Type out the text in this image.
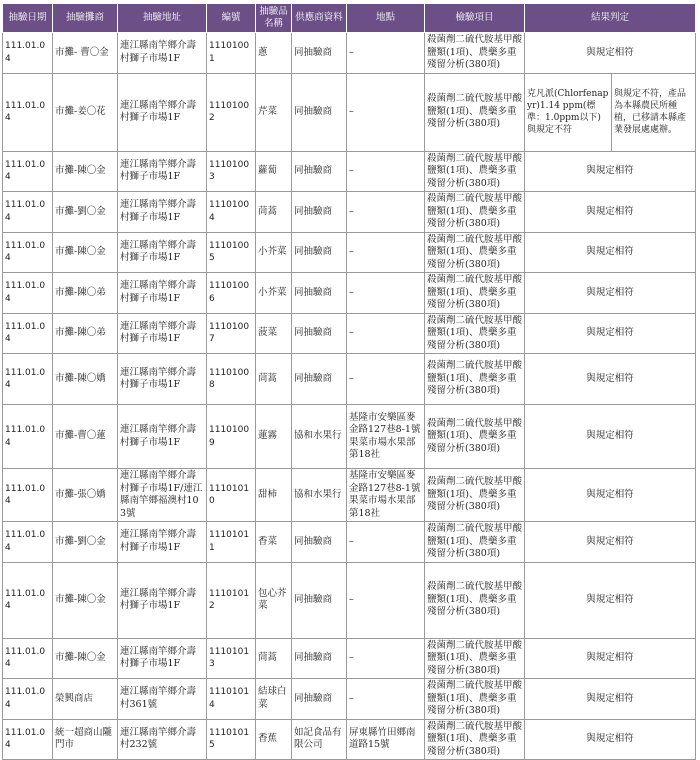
抽驗日期	抽驗攤商	抽驗地址	編號	抽驗品名稱	供應商資料	地點	檢驗項目	結果判定	
111.01.04	市攤- 曹〇金	連江縣南竿鄉介壽村獅子市場1F	11101001	蔥	同抽驗商	–	殺菌劑二硫代胺基甲酸鹽類(1項)、農藥多重殘留分析(380項)	與規定相符	
111.01.04	市攤-姜〇花	連江縣南竿鄉介壽村獅子市場1F	11101002	芹菜	同抽驗商	–	殺菌劑二硫代胺基甲酸鹽類(1項)、農藥多重殘留分析(380項)	克凡派(Chlorfenapyr)1.14 ppm(標準：1.0ppm以下)與規定不符	與規定不符，產品為本縣農民所種植，已移請本縣產業發展處處辦。
111.01.04	市攤-陳〇金	連江縣南竿鄉介壽村獅子市場1F	11101003	蘿蔔	同抽驗商	–	殺菌劑二硫代胺基甲酸鹽類(1項)、農藥多重殘留分析(380項)	與規定相符	
111.01.04	市攤-劉〇金	連江縣南竿鄉介壽村獅子市場1F	11101004	茼蒿	同抽驗商	–	殺菌劑二硫代胺基甲酸鹽類(1項)、農藥多重殘留分析(380項)	與規定相符	
111.01.04	市攤-陳〇金	連江縣南竿鄉介壽村獅子市場1F	11101005	小芥菜	同抽驗商	–	殺菌劑二硫代胺基甲酸鹽類(1項)、農藥多重殘留分析(380項)	與規定相符	
111.01.04	市攤-陳〇弟	連江縣南竿鄉介壽村獅子市場1F	11101006	小芥菜	同抽驗商	–	殺菌劑二硫代胺基甲酸鹽類(1項)、農藥多重殘留分析(380項)	與規定相符	
111.01.04	市攤-陳〇弟	連江縣南竿鄉介壽村獅子市場1F	11101007	菠菜	同抽驗商	–	殺菌劑二硫代胺基甲酸鹽類(1項)、農藥多重殘留分析(380項)	與規定相符	
111.01.04	市攤-陳〇嬌	連江縣南竿鄉介壽村獅子市場1F	11101008	茼蒿	同抽驗商	–	殺菌劑二硫代胺基甲酸鹽類(1項)、農藥多重殘留分析(380項)	與規定相符	
111.01.04	市攤-曹〇蓮	連江縣南竿鄉介壽村獅子市場1F	11101009	蓮霧	協和水果行	基隆市安樂區麥金路127巷8-1號果菜市場水果部第18社	殺菌劑二硫代胺基甲酸鹽類(1項)、農藥多重殘留分析(380項)	與規定相符	
111.01.04	市攤-張〇嬌	連江縣南竿鄉介壽村獅子市場1F/連江縣南竿鄉福澳村103號	11101010	甜柿	協和水果行	基隆市安樂區麥金路127巷8-1號果菜市場水果部第18社	殺菌劑二硫代胺基甲酸鹽類(1項)、農藥多重殘留分析(380項)	與規定相符	
111.01.04	市攤-劉〇金	連江縣南竿鄉介壽村獅子市場1F	11101011	香菜	同抽驗商	–	殺菌劑二硫代胺基甲酸鹽類(1項)、農藥多重殘留分析(380項)	與規定相符	
111.01.04	市攤-陳〇金	連江縣南竿鄉介壽村獅子市場1F	11101012	包心芥菜	同抽驗商	–	殺菌劑二硫代胺基甲酸鹽類(1項)、農藥多重殘留分析(380項)	與規定相符	
111.01.04	市攤-陳〇金	連江縣南竿鄉介壽村獅子市場1F	11101013	茼蒿	同抽驗商	–	殺菌劑二硫代胺基甲酸鹽類(1項)、農藥多重殘留分析(380項)	與規定相符	
111.01.04	榮興商店	連江縣南竿鄉介壽村361號	11101014	結球白菜	同抽驗商	–	殺菌劑二硫代胺基甲酸鹽類(1項)、農藥多重殘留分析(380項)	與規定相符	
111.01.04	統一超商山隴門市	連江縣南竿鄉介壽村232號	11101015	香蕉	如記食品有限公司	屏東縣竹田鄉南道路15號	殺菌劑二硫代胺基甲酸鹽類(1項)、農藥多重殘留分析(380項)	與規定相符	
